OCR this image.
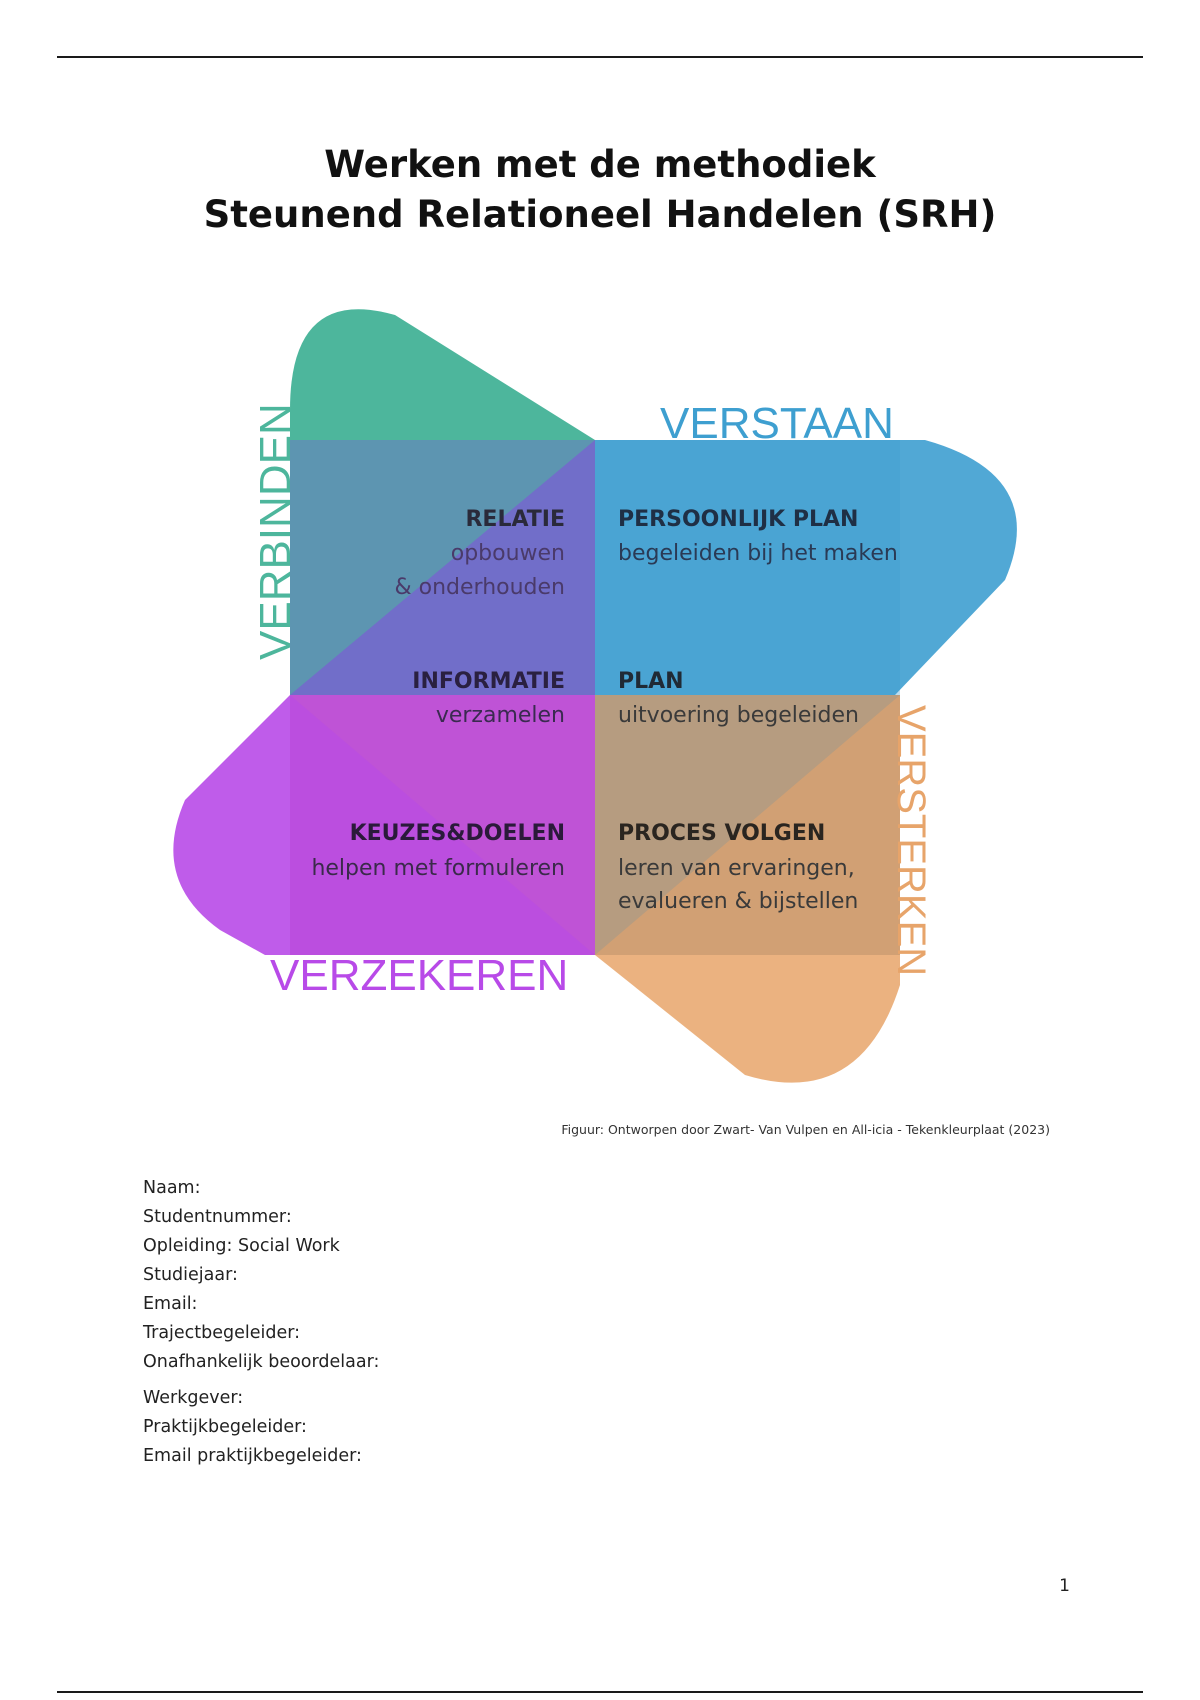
Werken met de methodiek
Steunend Relationeel Handelen (SRH)
VERBINDEN	VERSTAAN
VERSTERKEN
VERZEKEREN
RELATIE
opbouwen
& onderhouden
PERSOONLIJK PLAN
begeleiden bij het maken
INFORMATIE
verzamelen
PLAN
uitvoering begeleiden
KEUZES&DOELEN
helpen met formuleren
PROCES VOLGEN
leren van ervaringen,
evalueren & bijstellen
Figuur: Ontworpen door Zwart- Van Vulpen en All-icia - Tekenkleurplaat (2023)
Naam:
Studentnummer:
Opleiding: Social Work
Studiejaar:
Email:
Trajectbegeleider:
Onafhankelijk beoordelaar:
Werkgever:
Praktijkbegeleider:
Email praktijkbegeleider:
1
